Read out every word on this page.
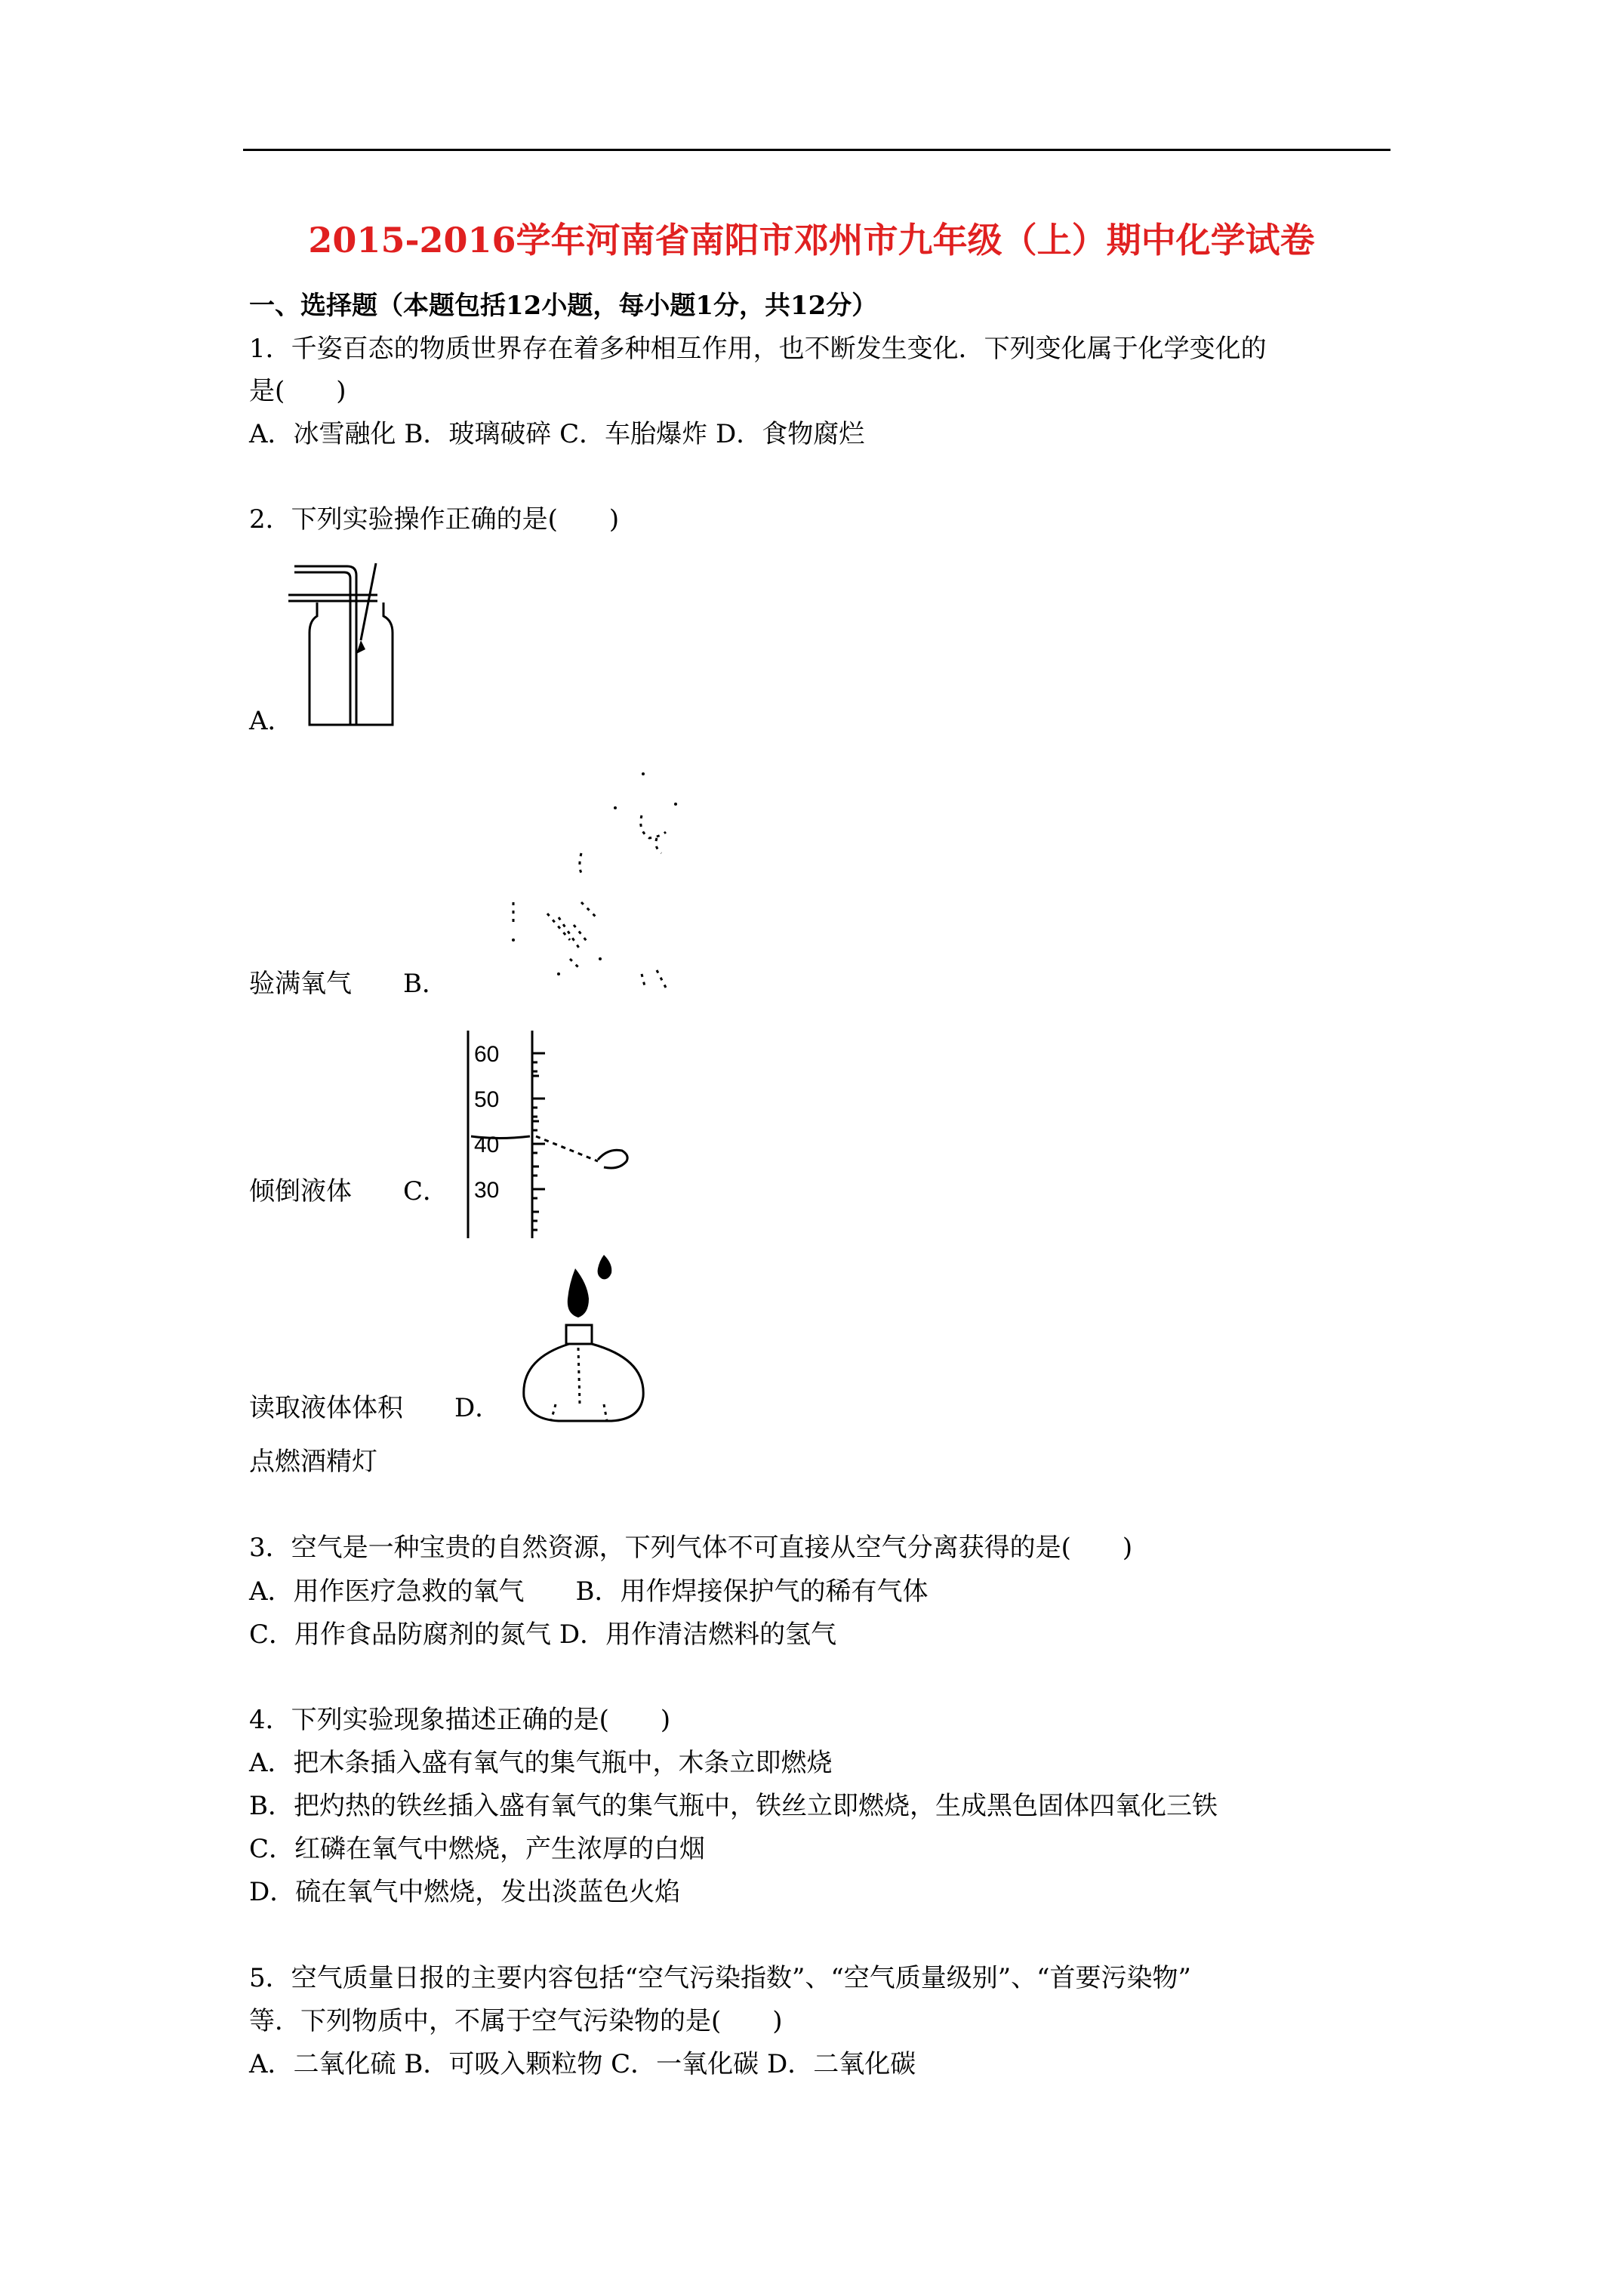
2015-2016学年河南省南阳市邓州市九年级（上）期中化学试卷
一、选择题（本题包括12小题，每小题1分，共12分）
1．千姿百态的物质世界存在着多种相互作用，也不断发生变化．下列变化属于化学变化的
是(　　)
A．冰雪融化 B．玻璃破碎 C．车胎爆炸 D．食物腐烂
2．下列实验操作正确的是(　　)
A．
验满氧气　　B．
60
50
40
30
倾倒液体　　C．
读取液体体积　　D．
点燃酒精灯
3．空气是一种宝贵的自然资源，下列气体不可直接从空气分离获得的是(　　)
A．用作医疗急救的氧气　　B．用作焊接保护气的稀有气体
C．用作食品防腐剂的氮气 D．用作清洁燃料的氢气
4．下列实验现象描述正确的是(　　)
A．把木条插入盛有氧气的集气瓶中，木条立即燃烧
B．把灼热的铁丝插入盛有氧气的集气瓶中，铁丝立即燃烧，生成黑色固体四氧化三铁
C．红磷在氧气中燃烧，产生浓厚的白烟
D．硫在氧气中燃烧，发出淡蓝色火焰
5．空气质量日报的主要内容包括“空气污染指数”、“空气质量级别”、“首要污染物”
等．下列物质中，不属于空气污染物的是(　　)
A．二氧化硫 B．可吸入颗粒物 C．一氧化碳 D．二氧化碳
